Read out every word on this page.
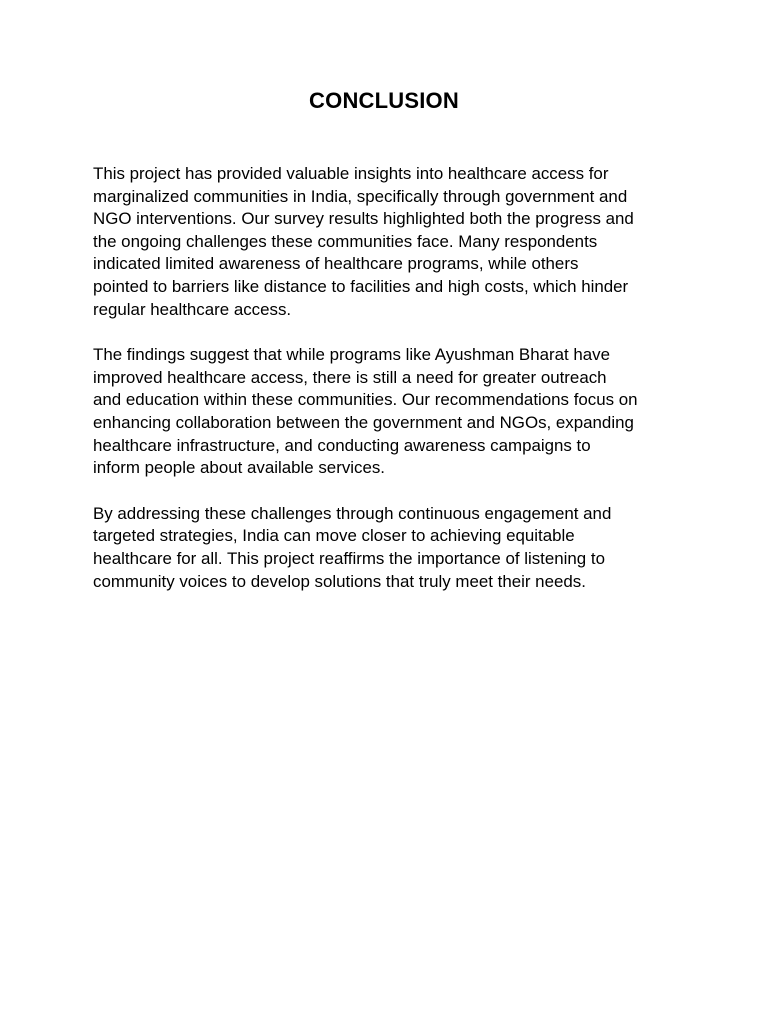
CONCLUSION

This project has provided valuable insights into healthcare access for
marginalized communities in India, specifically through government and
NGO interventions. Our survey results highlighted both the progress and
the ongoing challenges these communities face. Many respondents
indicated limited awareness of healthcare programs, while others
pointed to barriers like distance to facilities and high costs, which hinder
regular healthcare access.

The findings suggest that while programs like Ayushman Bharat have
improved healthcare access, there is still a need for greater outreach
and education within these communities. Our recommendations focus on
enhancing collaboration between the government and NGOs, expanding
healthcare infrastructure, and conducting awareness campaigns to
inform people about available services.

By addressing these challenges through continuous engagement and
targeted strategies, India can move closer to achieving equitable
healthcare for all. This project reaffirms the importance of listening to
community voices to develop solutions that truly meet their needs.
